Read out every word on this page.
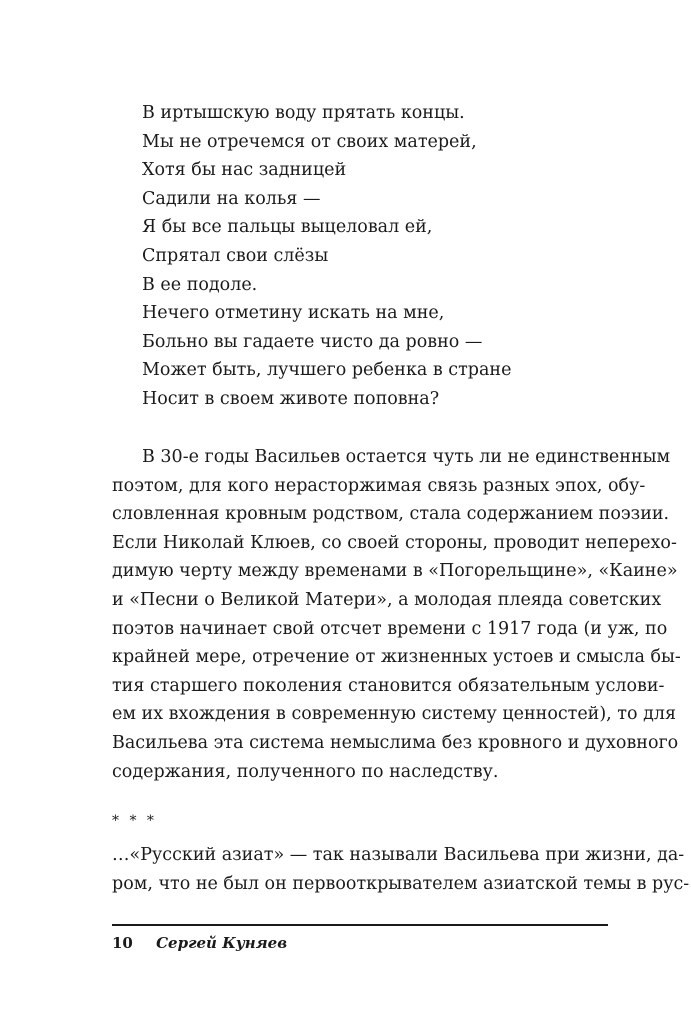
В иртышскую воду прятать концы.
Мы не отречемся от своих матерей,
Хотя бы нас задницей
Садили на колья —
Я бы все пальцы выцеловал ей,
Спрятал свои слёзы
В ее подоле.
Нечего отметину искать на мне,
Больно вы гадаете чисто да ровно —
Может быть, лучшего ребенка в стране
Носит в своем животе поповна?
В 30-е годы Васильев остается чуть ли не единственным
поэтом, для кого нерасторжимая связь разных эпох, обу-
словленная кровным родством, стала содержанием поэзии.
Если Николай Клюев, со своей стороны, проводит неперехо-
димую черту между временами в «Погорельщине», «Каине»
и «Песни о Великой Матери», а молодая плеяда советских
поэтов начинает свой отсчет времени с 1917 года (и уж, по
крайней мере, отречение от жизненных устоев и смысла бы-
тия старшего поколения становится обязательным услови-
ем их вхождения в современную систему ценностей), то для
Васильева эта система немыслима без кровного и духовного
содержания, полученного по наследству.
* * *
…«Русский азиат» — так называли Васильева при жизни, да-
ром, что не был он первооткрывателем азиатской темы в рус-
10 Сергей Куняев
